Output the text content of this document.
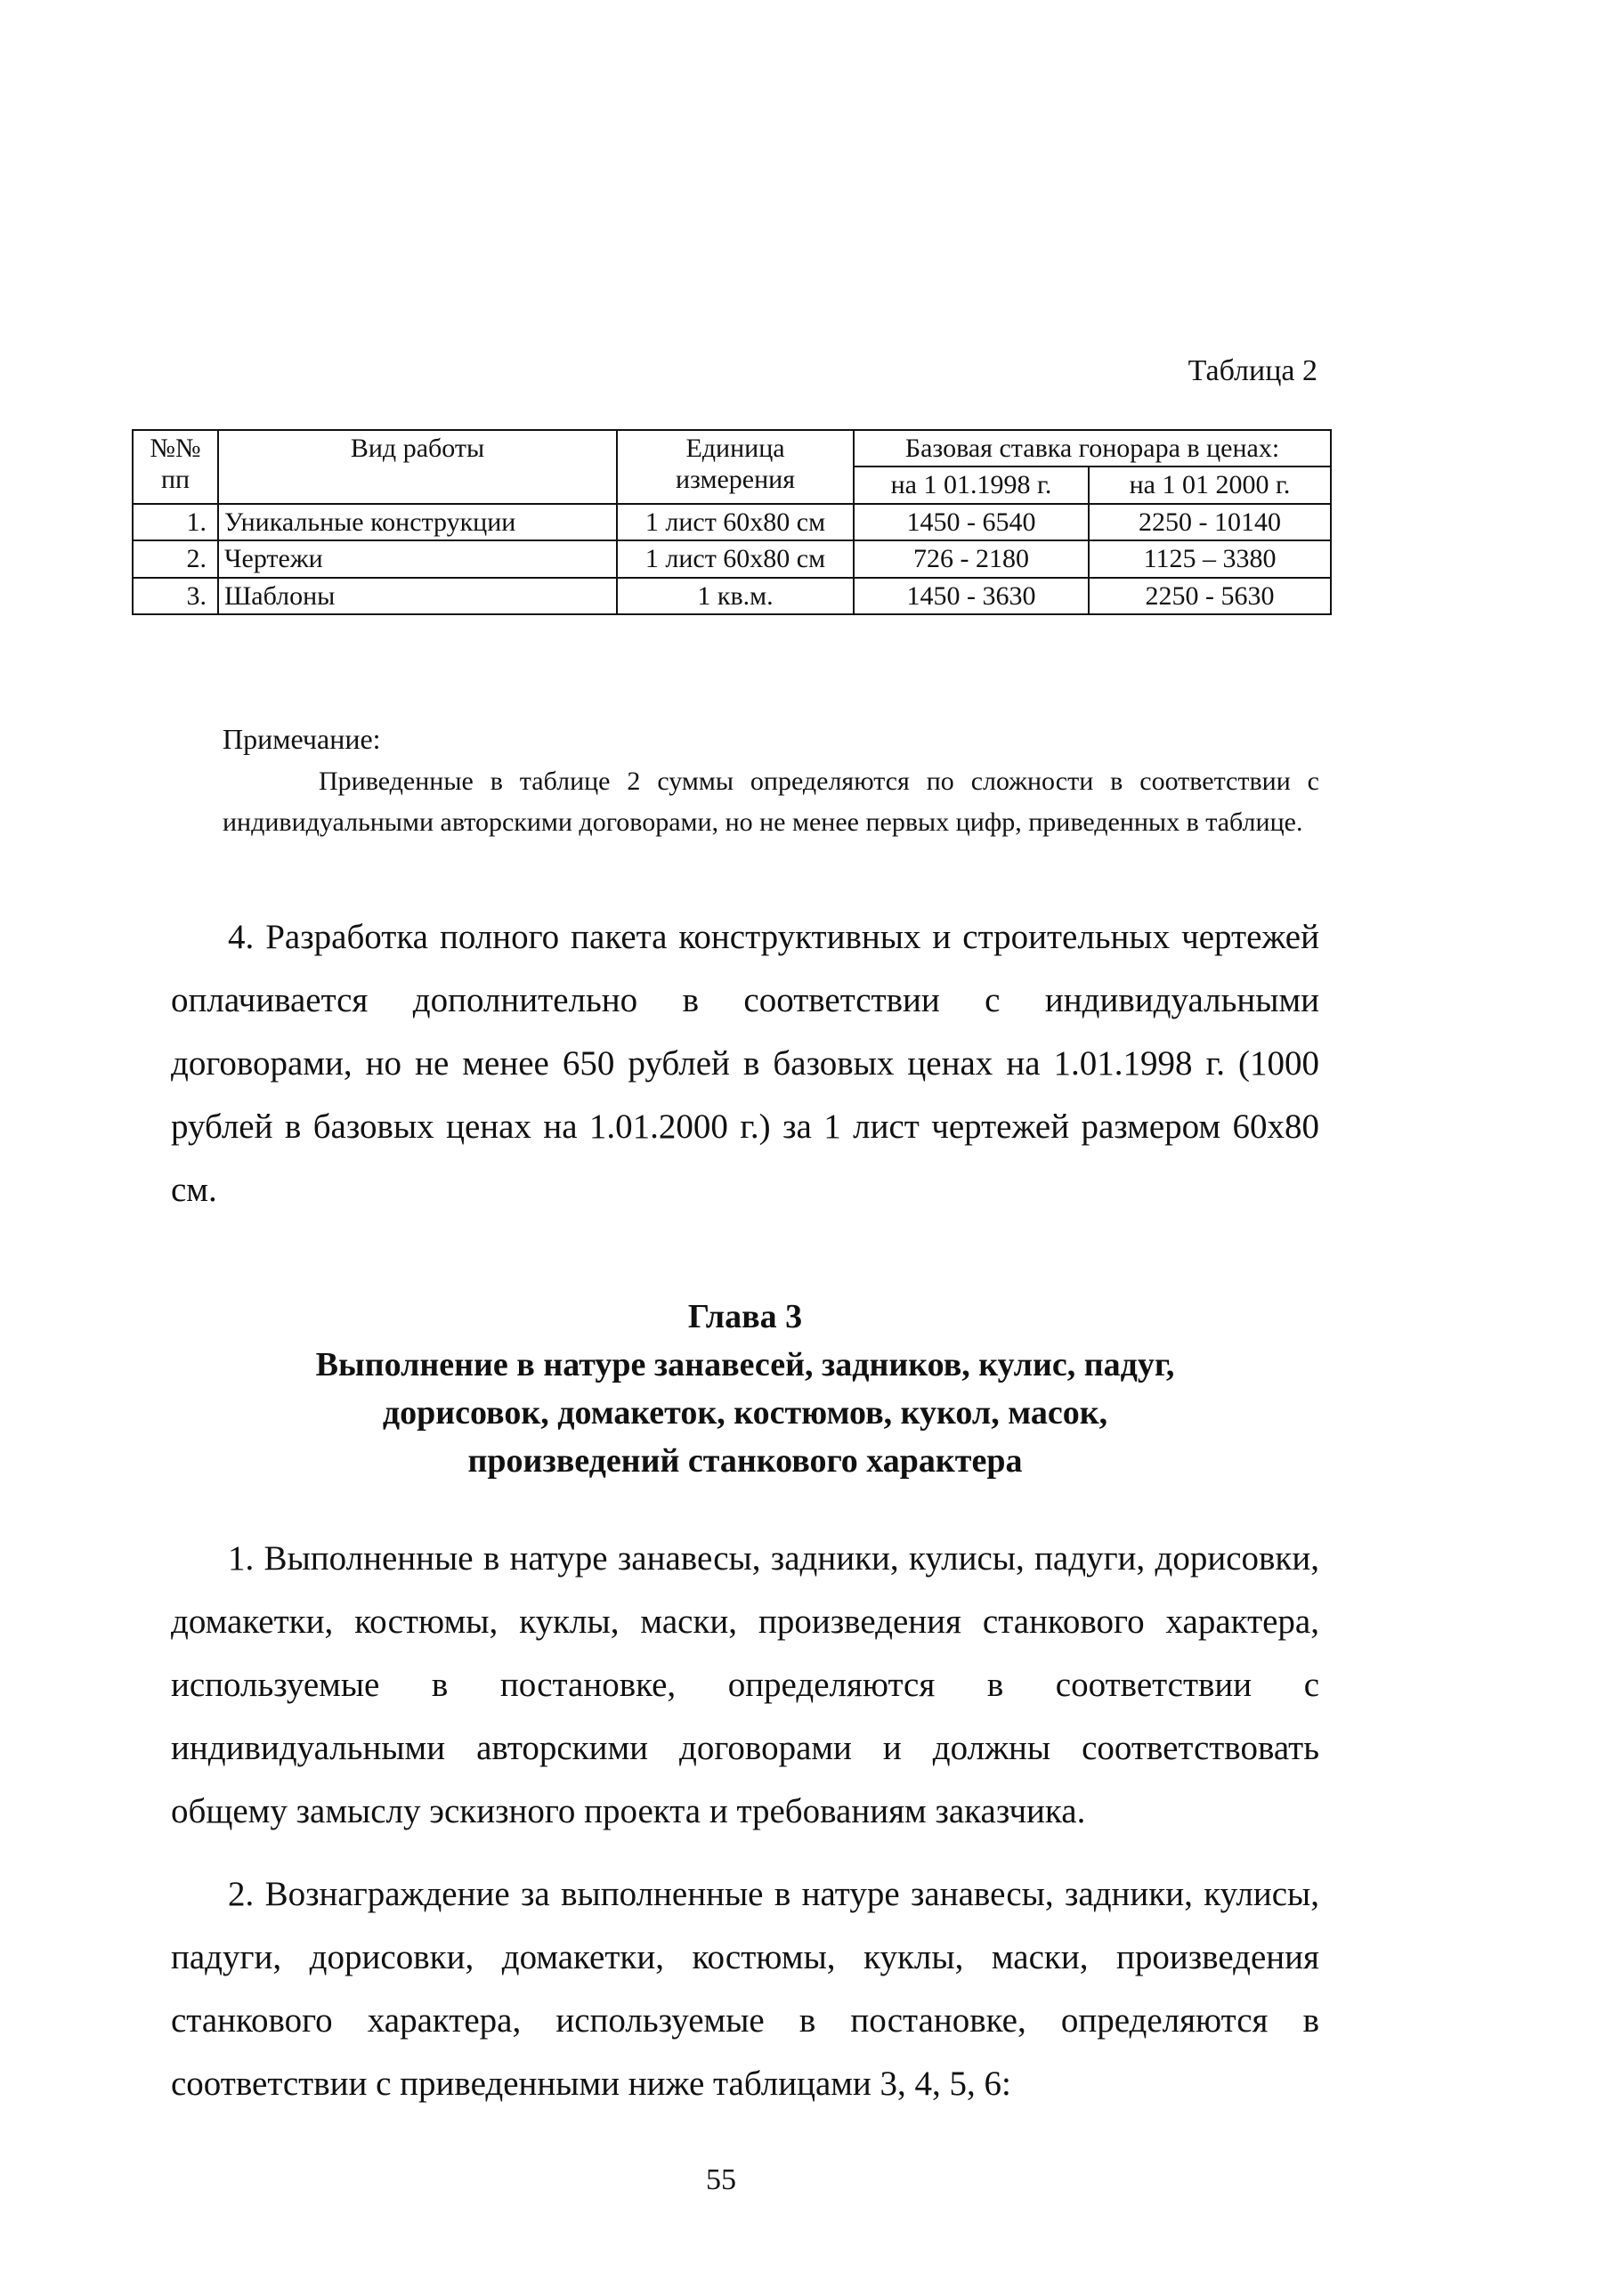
Таблица 2
№№ пп	Вид работы	Единица измерения	Базовая ставка гонорара в ценах:	
			на 1 01.1998 г.	на 1 01 2000 г.
1.	Уникальные конструкции	1 лист 60х80 см	1450 - 6540	2250 - 10140
2.	Чертежи	1 лист 60х80 см	726 - 2180	1125 – 3380
3.	Шаблоны	1 кв.м.	1450 - 3630	2250 - 5630
Примечание:
Приведенные в таблице 2 суммы определяются по сложности в соответствии с индивидуальными авторскими договорами, но не менее первых цифр, приведенных в таблице.
4. Разработка полного пакета конструктивных и строительных чертежей оплачивается дополнительно в соответствии с индивидуальными договорами, но не менее 650 рублей в базовых ценах на 1.01.1998 г. (1000 рублей в базовых ценах на 1.01.2000 г.) за 1 лист чертежей размером 60х80 см.
Глава 3
Выполнение в натуре занавесей, задников, кулис, падуг,
дорисовок, домакеток, костюмов, кукол, масок,
произведений станкового характера
1. Выполненные в натуре занавесы, задники, кулисы, падуги, дорисовки, домакетки, костюмы, куклы, маски, произведения станкового характера, используемые в постановке, определяются в соответствии с индивидуальными авторскими договорами и должны соответствовать общему замыслу эскизного проекта и требованиям заказчика.
2. Вознаграждение за выполненные в натуре занавесы, задники, кулисы, падуги, дорисовки, домакетки, костюмы, куклы, маски, произведения станкового характера, используемые в постановке, определяются в соответствии с приведенными ниже таблицами 3, 4, 5, 6:
55
